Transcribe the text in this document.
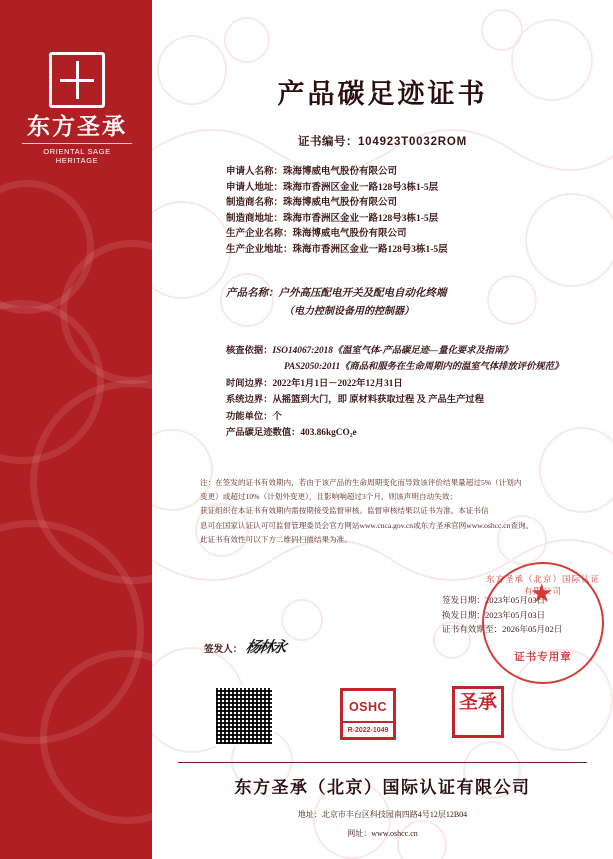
东方圣承
ORIENTAL SAGE HERITAGE
产品碳足迹证书
证书编号：104923T0032ROM
申请人名称：珠海博威电气股份有限公司
申请人地址：珠海市香洲区金业一路128号3栋1-5层
制造商名称：珠海博威电气股份有限公司
制造商地址：珠海市香洲区金业一路128号3栋1-5层
生产企业名称：珠海博威电气股份有限公司
生产企业地址：珠海市香洲区金业一路128号3栋1-5层
产品名称：户外高压配电开关及配电自动化终端
（电力控制设备用的控制器）
核查依据：ISO14067:2018《温室气体-产品碳足迹—量化要求及指南》
PAS2050:2011《商品和服务在生命周期内的温室气体排放评价规范》
时间边界：2022年1月1日－2022年12月31日
系统边界：从摇篮到大门，即 原材料获取过程 及 产品生产过程
功能单位：个
产品碳足迹数值：403.86kgCO₂e

注：在签发的证书有效期内，若由于该产品的生命周期变化而导致该评价结果量超过5%（计划内

变更）或超过10%（计划外变更），且影响响超过3个月，则该声明自动失效；

获证组织在本证书有效期内需按期接受监督审核。监督审核结果以证书为准。本证书信

息可在国家认证认可可监督管理委员会官方网站www.cnca.gov.cn或东方圣承官网www.oshcc.cn查询。

此证书有效性可以下方二维码扫描结果为准。

签发日期：2023年05月03日
换发日期：2023年05月03日
证书有效期至：2026年05月02日
签发人： 杨林永
东方圣承（北京）国际认证有限公司
证书专用章
OSHC
R-2022-1049
圣承
东方圣承（北京）国际认证有限公司
地址：北京市丰台区科技园南四路4号12层12B04
网址：www.oshcc.cn
